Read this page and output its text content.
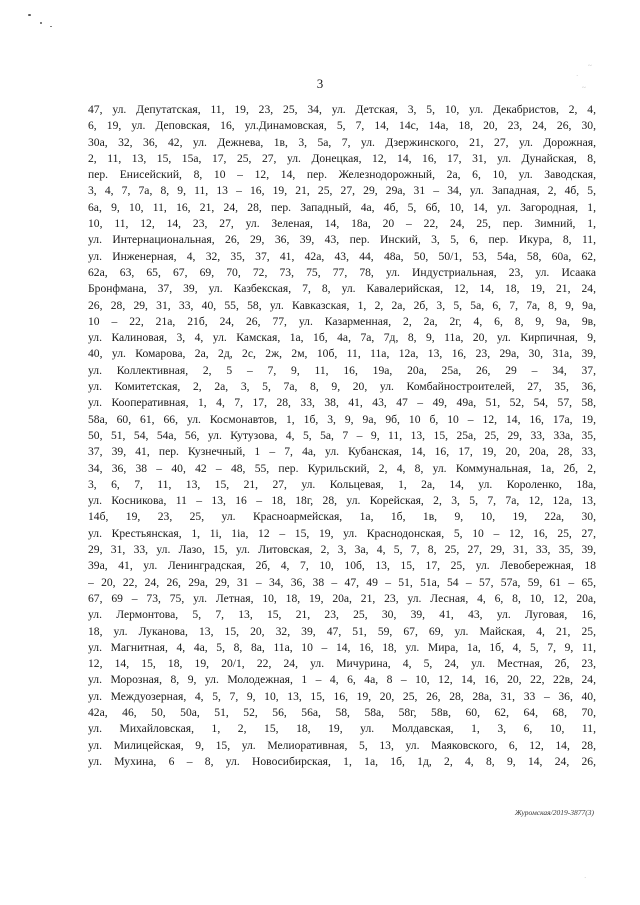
~
·
~
3
47, ул. Депутатская, 11, 19, 23, 25, 34, ул. Детская, 3, 5, 10, ул. Декабристов, 2, 4,
6, 19, ул. Деповская, 16, ул.Динамовская, 5, 7, 14, 14с, 14а, 18, 20, 23, 24, 26, 30,
30а, 32, 36, 42, ул. Дежнева, 1в, 3, 5а, 7, ул. Дзержинского, 21, 27, ул. Дорожная,
2, 11, 13, 15, 15а, 17, 25, 27, ул. Донецкая, 12, 14, 16, 17, 31, ул. Дунайская, 8,
пер. Енисейский, 8, 10 – 12, 14, пер. Железнодорожный, 2а, 6, 10, ул. Заводская,
3, 4, 7, 7а, 8, 9, 11, 13 – 16, 19, 21, 25, 27, 29, 29а, 31 – 34, ул. Западная, 2, 4б, 5,
6а, 9, 10, 11, 16, 21, 24, 28, пер. Западный, 4а, 4б, 5, 6б, 10, 14, ул. Загородная, 1,
10, 11, 12, 14, 23, 27, ул. Зеленая, 14, 18а, 20 – 22, 24, 25, пер. Зимний, 1,
ул. Интернациональная, 26, 29, 36, 39, 43, пер. Инский, 3, 5, 6, пер. Икура, 8, 11,
ул. Инженерная, 4, 32, 35, 37, 41, 42а, 43, 44, 48а, 50, 50/1, 53, 54а, 58, 60а, 62,
62а, 63, 65, 67, 69, 70, 72, 73, 75, 77, 78, ул. Индустриальная, 23, ул. Исаака
Бронфмана, 37, 39, ул. Казбекская, 7, 8, ул. Кавалерийская, 12, 14, 18, 19, 21, 24,
26, 28, 29, 31, 33, 40, 55, 58, ул. Кавказская, 1, 2, 2а, 2б, 3, 5, 5а, 6, 7, 7а, 8, 9, 9а,
10 – 22, 21а, 21б, 24, 26, 77, ул. Казарменная, 2, 2а, 2г, 4, 6, 8, 9, 9а, 9в,
ул. Калиновая, 3, 4, ул. Камская, 1а, 1б, 4а, 7а, 7д, 8, 9, 11а, 20, ул. Кирпичная, 9,
40, ул. Комарова, 2а, 2д, 2с, 2ж, 2м, 10б, 11, 11а, 12а, 13, 16, 23, 29а, 30, 31а, 39,
ул. Коллективная, 2, 5 – 7, 9, 11, 16, 19а, 20а, 25а, 26, 29 – 34, 37,
ул. Комитетская, 2, 2а, 3, 5, 7а, 8, 9, 20, ул. Комбайностроителей, 27, 35, 36,
ул. Кооперативная, 1, 4, 7, 17, 28, 33, 38, 41, 43, 47 – 49, 49а, 51, 52, 54, 57, 58,
58а, 60, 61, 66, ул. Космонавтов, 1, 1б, 3, 9, 9а, 9б, 10 б, 10 – 12, 14, 16, 17а, 19,
50, 51, 54, 54а, 56, ул. Кутузова, 4, 5, 5а, 7 – 9, 11, 13, 15, 25а, 25, 29, 33, 33а, 35,
37, 39, 41, пер. Кузнечный, 1 – 7, 4а, ул. Кубанская, 14, 16, 17, 19, 20, 20а, 28, 33,
34, 36, 38 – 40, 42 – 48, 55, пер. Курильский, 2, 4, 8, ул. Коммунальная, 1а, 2б, 2,
3, 6, 7, 11, 13, 15, 21, 27, ул. Кольцевая, 1, 2а, 14, ул. Короленко, 18а,
ул. Косникова, 11 – 13, 16 – 18, 18г, 28, ул. Корейская, 2, 3, 5, 7, 7а, 12, 12а, 13,
14б, 19, 23, 25, ул. Красноармейская, 1а, 1б, 1в, 9, 10, 19, 22а, 30,
ул. Крестьянская, 1, 1і, 1іа, 12 – 15, 19, ул. Краснодонская, 5, 10 – 12, 16, 25, 27,
29, 31, 33, ул. Лазо, 15, ул. Литовская, 2, 3, 3а, 4, 5, 7, 8, 25, 27, 29, 31, 33, 35, 39,
39а, 41, ул. Ленинградская, 2б, 4, 7, 10, 10б, 13, 15, 17, 25, ул. Левобережная, 18
– 20, 22, 24, 26, 29а, 29, 31 – 34, 36, 38 – 47, 49 – 51, 51а, 54 – 57, 57а, 59, 61 – 65,
67, 69 – 73, 75, ул. Летная, 10, 18, 19, 20а, 21, 23, ул. Лесная, 4, 6, 8, 10, 12, 20а,
ул. Лермонтова, 5, 7, 13, 15, 21, 23, 25, 30, 39, 41, 43, ул. Луговая, 16,
18, ул. Луканова, 13, 15, 20, 32, 39, 47, 51, 59, 67, 69, ул. Майская, 4, 21, 25,
ул. Магнитная, 4, 4а, 5, 8, 8а, 11а, 10 – 14, 16, 18, ул. Мира, 1а, 1б, 4, 5, 7, 9, 11,
12, 14, 15, 18, 19, 20/1, 22, 24, ул. Мичурина, 4, 5, 24, ул. Местная, 2б, 23,
ул. Морозная, 8, 9, ул. Молодежная, 1 – 4, 6, 4а, 8 – 10, 12, 14, 16, 20, 22, 22в, 24,
ул. Междуозерная, 4, 5, 7, 9, 10, 13, 15, 16, 19, 20, 25, 26, 28, 28а, 31, 33 – 36, 40,
42а, 46, 50, 50а, 51, 52, 56, 56а, 58, 58а, 58г, 58в, 60, 62, 64, 68, 70,
ул. Михайловская, 1, 2, 15, 18, 19, ул. Молдавская, 1, 3, 6, 10, 11,
ул. Милицейская, 9, 15, ул. Мелиоративная, 5, 13, ул. Маяковского, 6, 12, 14, 28,
ул. Мухина, 6 – 8, ул. Новосибирская, 1, 1а, 1б, 1д, 2, 4, 8, 9, 14, 24, 26,
Журомская/2019-3877(3)
·
